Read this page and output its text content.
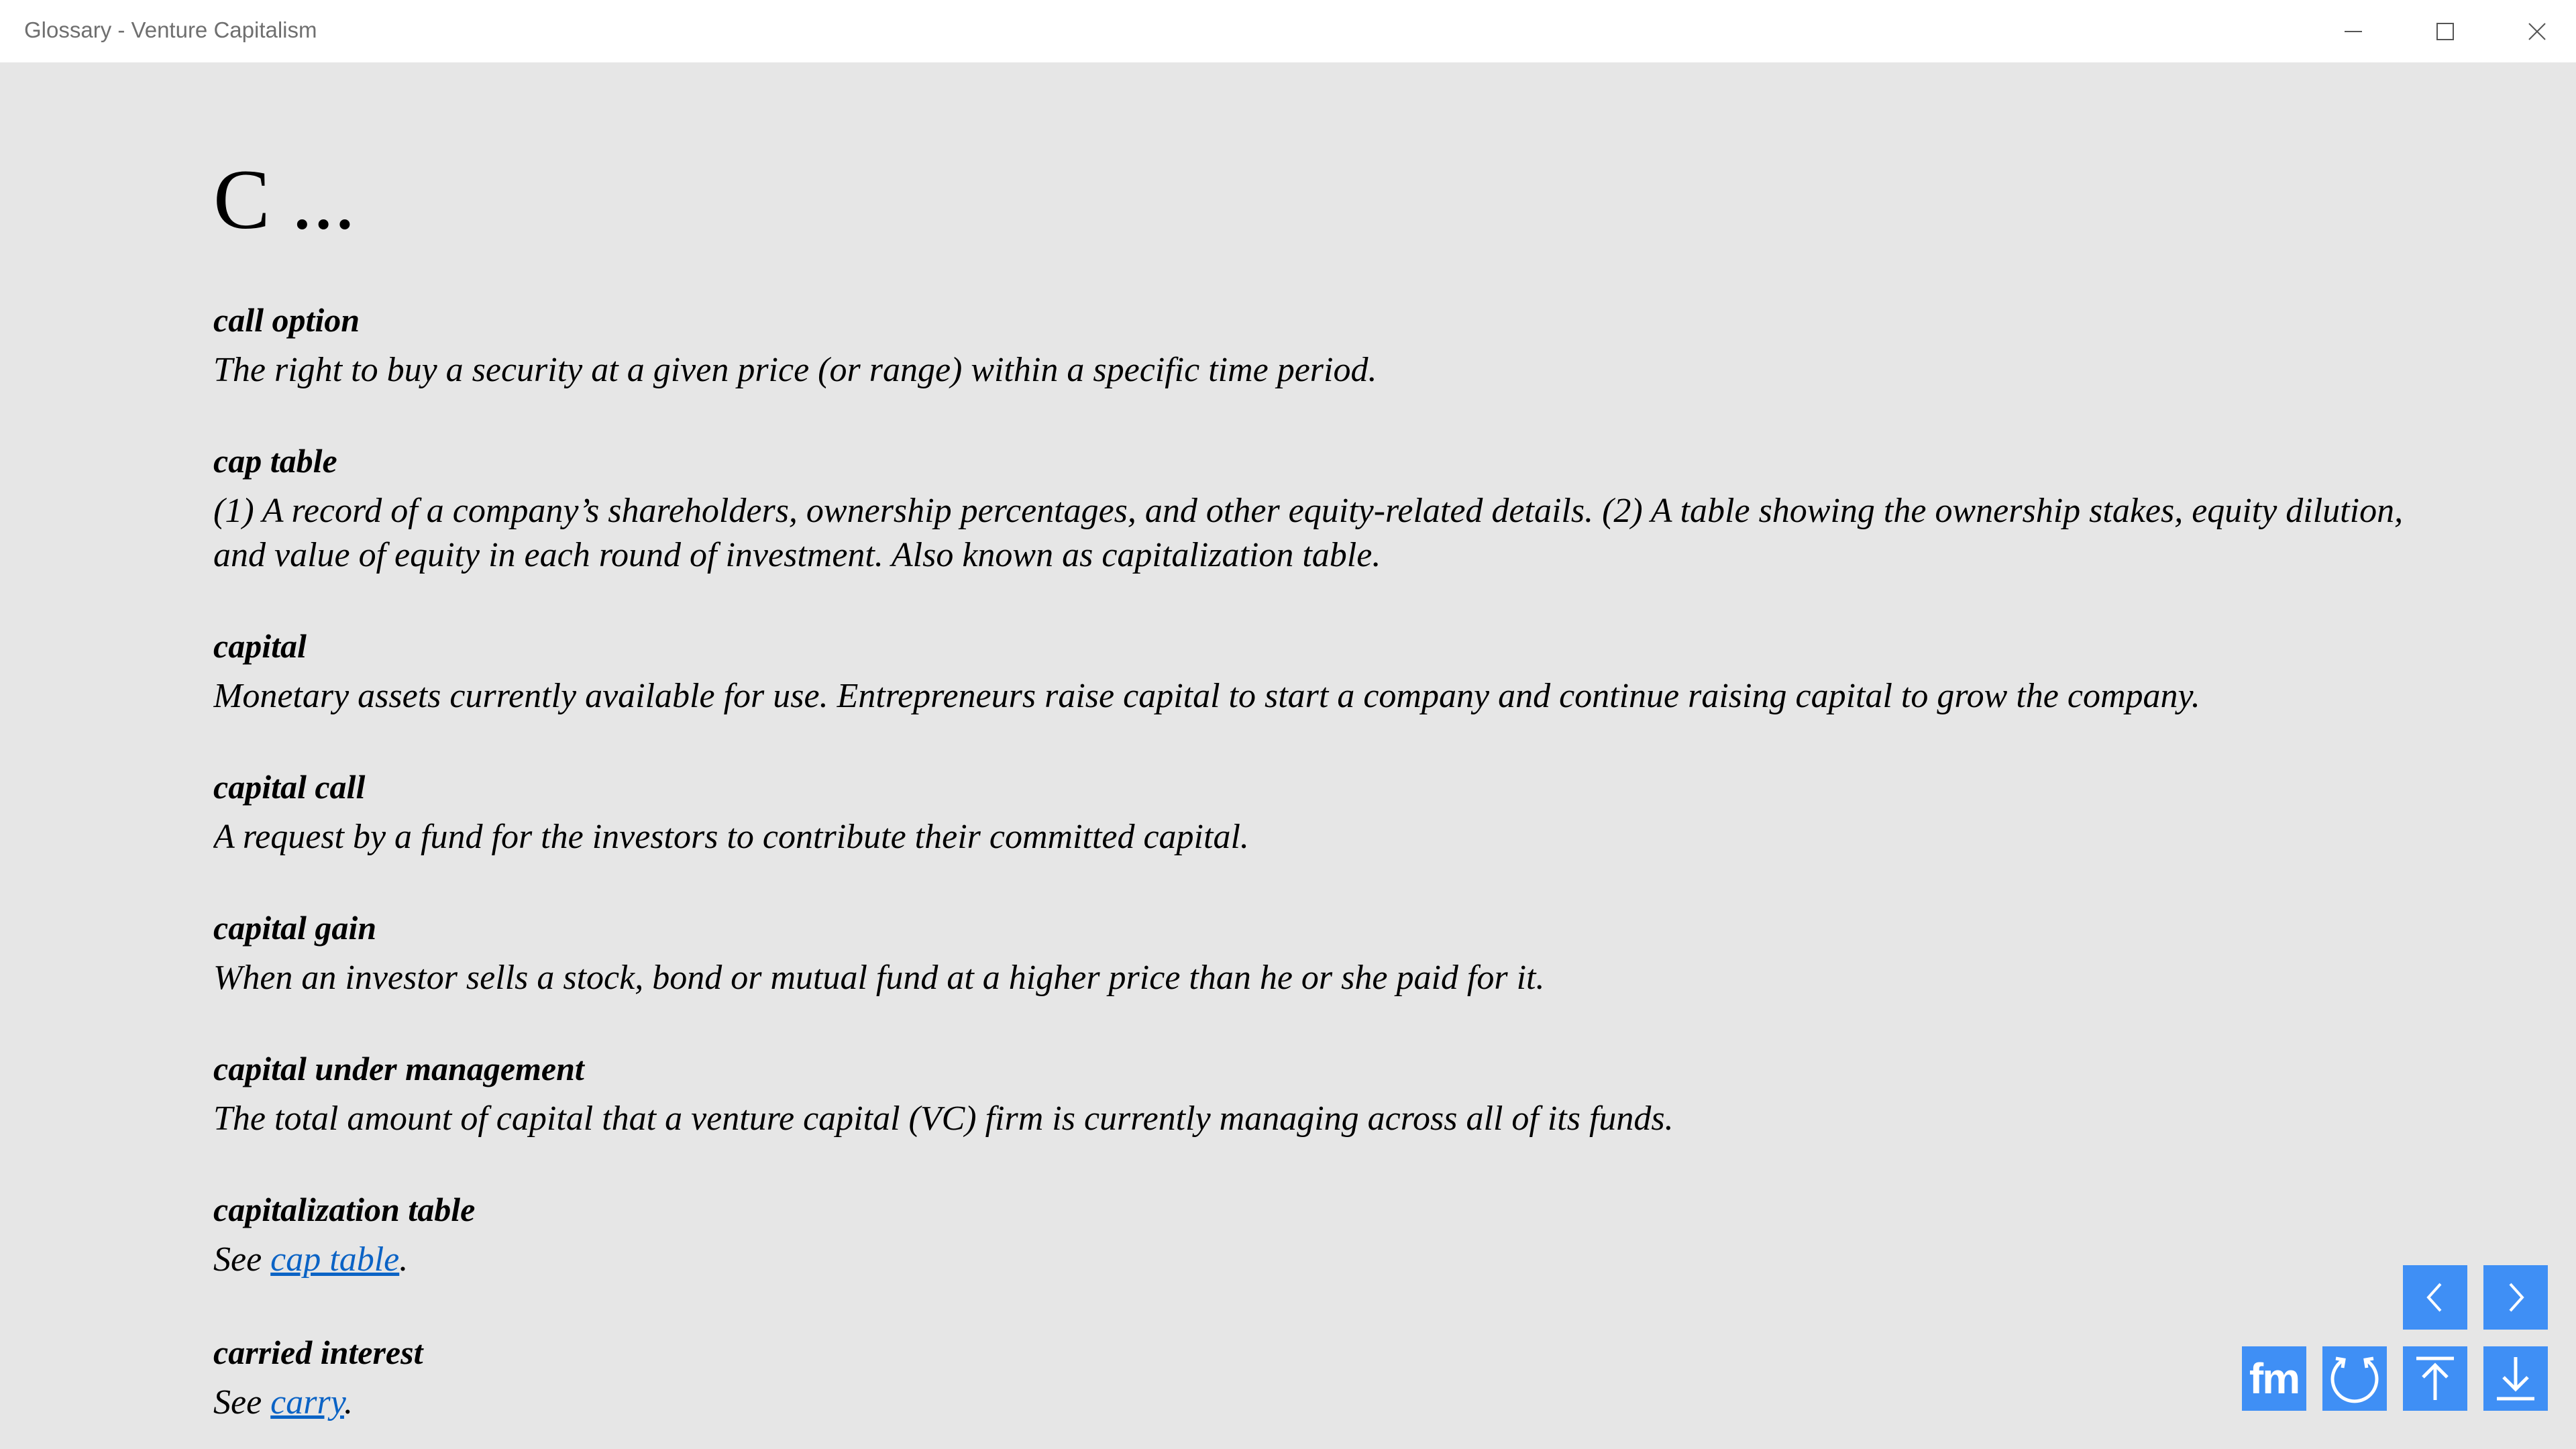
Glossary - Venture Capitalism
C ...
call option
The right to buy a security at a given price (or range) within a specific time period.
cap table
(1) A record of a company’s shareholders, ownership percentages, and other equity-related details. (2) A table showing the ownership stakes, equity dilution, and value of equity in each round of investment. Also known as capitalization table.
capital
Monetary assets currently available for use. Entrepreneurs raise capital to start a company and continue raising capital to grow the company.
capital call
A request by a fund for the investors to contribute their committed capital.
capital gain
When an investor sells a stock, bond or mutual fund at a higher price than he or she paid for it.
capital under management
The total amount of capital that a venture capital (VC) firm is currently managing across all of its funds.
capitalization table
See cap table.
carried interest
See carry.	fm
